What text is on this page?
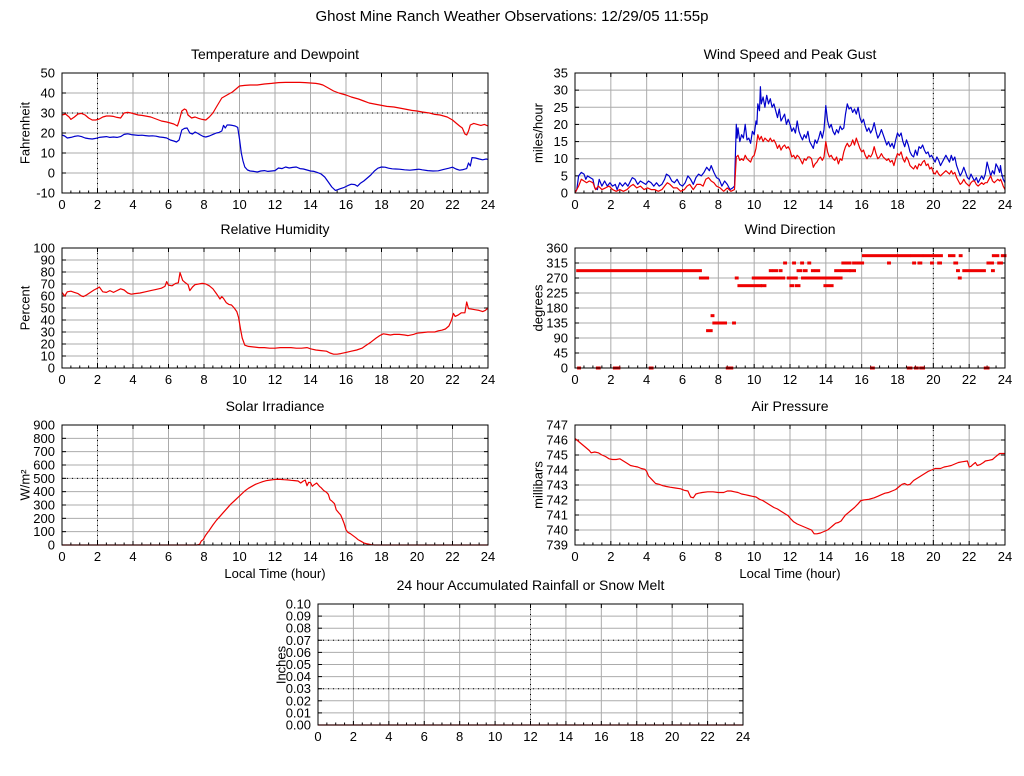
Ghost Mine Ranch Weather Observations: 12/29/05 11:55p
Temperature and Dewpoint
Fahrenheit
0 2 4 6 8 10 12 14 16 18 20 22 24
-10
0
10
20
30
40
50
Wind Speed and Peak Gust
miles/hour
0 2 4 6 8 10 12 14 16 18 20 22 24
0
5
10
15
20
25
30
35
Relative Humidity
Percent
0 2 4 6 8 10 12 14 16 18 20 22 24
0
10
20
30
40
50
60
70
80
90
100
Wind Direction
degrees
0 2 4 6 8 10 12 14 16 18 20 22 24
0
45
90
135
180
225
270
315
360
Solar Irradiance
W/m²
Local Time (hour)
0 2 4 6 8 10 12 14 16 18 20 22 24
0
100
200
300
400
500
600
700
800
900
Air Pressure
millibars
Local Time (hour)
0 2 4 6 8 10 12 14 16 18 20 22 24
739
740
741
742
743
744
745
746
747
24 hour Accumulated Rainfall or Snow Melt
Inches
0 2 4 6 8 10 12 14 16 18 20 22 24
0.00
0.01
0.02
0.03
0.04
0.05
0.06
0.07
0.08
0.09
0.10
